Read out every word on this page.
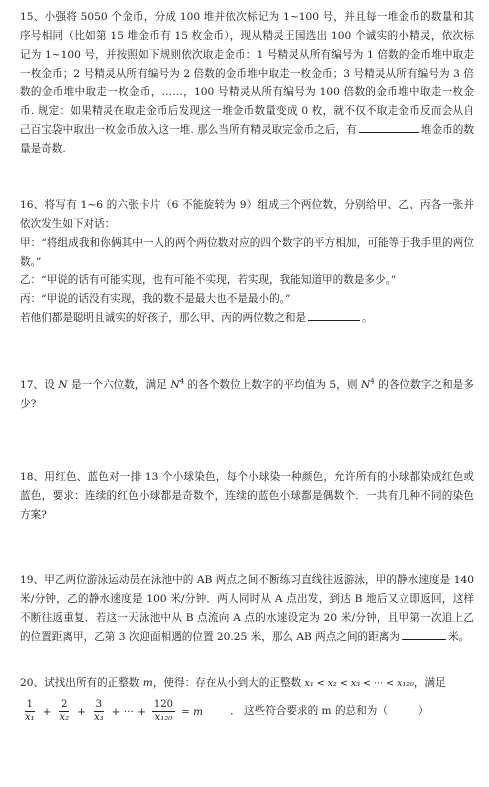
15、小强将 5050 个金币，分成 100 堆并依次标记为 1~100 号，并且每一堆金币的数量和其序号相同（比如第 15 堆金币有 15 枚金币），现从精灵王国选出 100 个诚实的小精灵，依次标记为 1~100 号，并按照如下规则依次取走金币：1 号精灵从所有编号为 1 倍数的金币堆中取走一枚金币；2 号精灵从所有编号为 2 倍数的金币堆中取走一枚金币；3 号精灵从所有编号为 3 倍数的金币堆中取走一枚金币，……，100 号精灵从所有编号为 100 倍数的金币堆中取走一枚金币. 规定：如果精灵在取走金币后发现这一堆金币数量变成 0 枚，就不仅不取走金币反而会从自己百宝袋中取出一枚金币放入这一堆. 那么当所有精灵取完金币之后，有	堆金币的数量是奇数.

16、将写有 1~6 的六张卡片（6 不能旋转为 9）组成三个两位数，分别给甲、乙、丙各一张并依次发生如下对话：

甲：“将组成我和你俩其中一人的两个两位数对应的四个数字的平方相加，可能等于我手里的两位数。”

乙：“甲说的话有可能实现，也有可能不实现，若实现，我能知道甲的数是多少。”

丙：“甲说的话没有实现，我的数不是最大也不是最小的。”

若他们都是聪明且诚实的好孩子，那么甲、丙的两位数之和是	。

17、设 N 是一个六位数，满足 $N^4$ 的各个数位上数字的平均值为 5，则 $N^4$ 的各位数字之和是多少?

18、用红色、蓝色对一排 13 个小球染色，每个小球染一种颜色，允许所有的小球都染成红色或蓝色，要求：连续的红色小球都是奇数个，连续的蓝色小球都是偶数个．一共有几种不同的染色方案?

19、甲乙两位游泳运动员在泳池中的 AB 两点之间不断练习直线往返游泳，甲的静水速度是 140 米/分钟，乙的静水速度是 100 米/分钟．两人同时从 A 点出发，到达 B 地后又立即返回，这样不断往返重复．若这一天泳池中从 B 点流向 A 点的水速设定为 20 米/分钟，且甲第一次追上乙的位置距离甲，乙第 3 次迎面相遇的位置 20.25 米，那么 AB 两点之间的距离为	米。

20、试找出所有的正整数 m，使得：存在从小到大的正整数 x₁ < x₂ < x₃ < ··· < x₁₂₀，满足

$\frac{1}{\text{x₁}} + \frac{2}{\text{x₂}} + \frac{3}{\text{x₃}}$ + ··· + $\frac{120}{\text{x₁₂₀}} = m$	． 这些符合要求的 m 的总和为（	）
